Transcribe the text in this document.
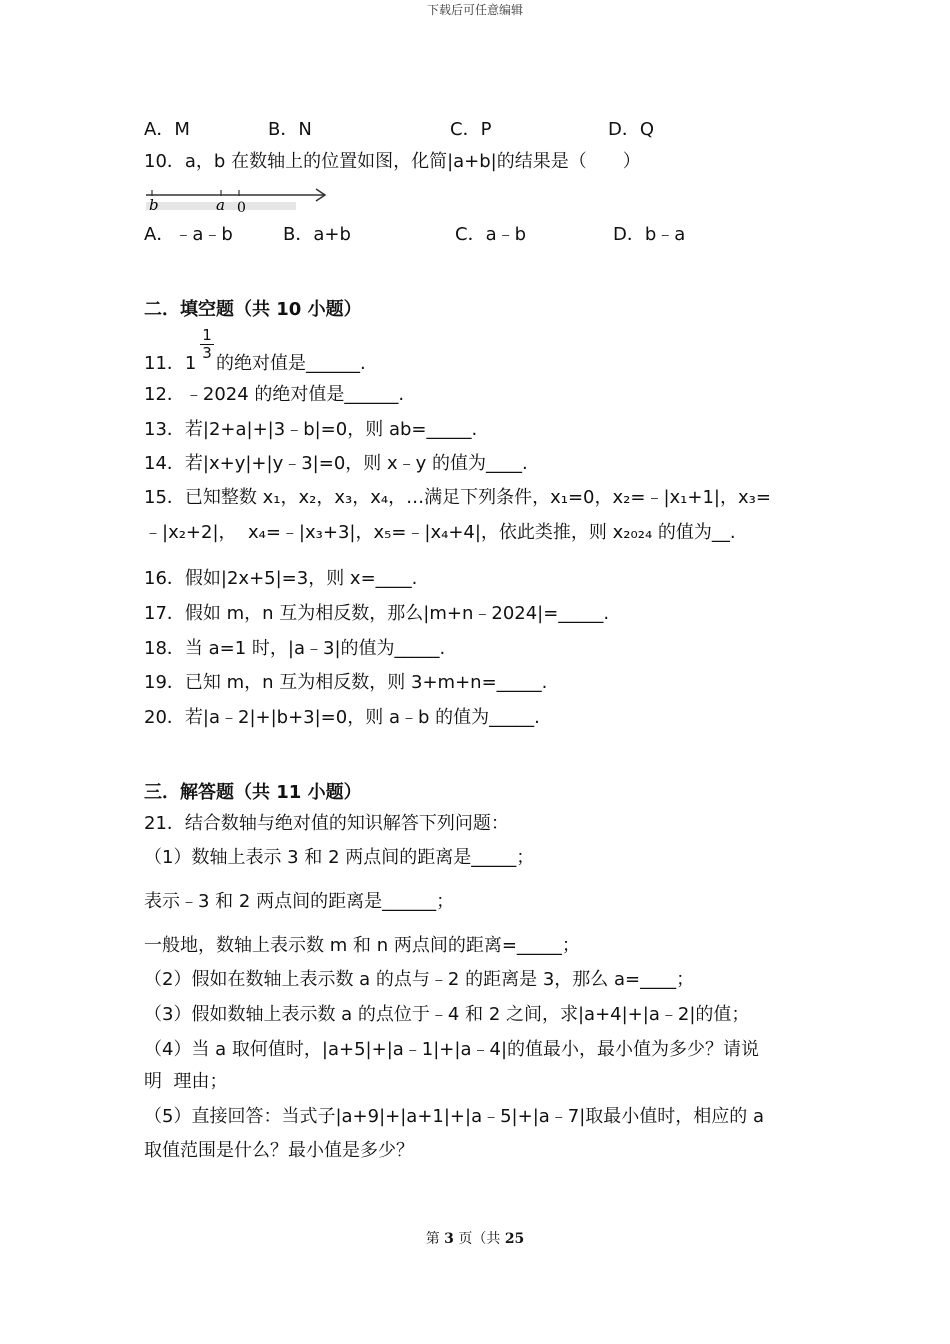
下载后可任意编辑
A．M	B．N	C．P	D．Q
10．a，b 在数轴上的位置如图，化简|a+b|的结果是（　　）
b	a 0
A．﹣a﹣b	B．a+b	C．a﹣b	D．b﹣a
二．填空题（共 10 小题）
11．1
1
3 的绝对值是______.
12．﹣2024 的绝对值是______.
13．若|2+a|+|3﹣b|=0，则 ab=_____.
14．若|x+y|+|y﹣3|=0，则 x﹣y 的值为____.
15．已知整数 x₁，x₂，x₃，x₄，…满足下列条件，x₁=0，x₂=﹣|x₁+1|，x₃=
﹣|x₂+2|，  x₄=﹣|x₃+3|，x₅=﹣|x₄+4|，依此类推，则 x₂₀₂₄ 的值为__.
16．假如|2x+5|=3，则 x=____.
17．假如 m，n 互为相反数，那么|m+n﹣2024|=_____.
18．当 a=1 时，|a﹣3|的值为_____.
19．已知 m，n 互为相反数，则 3+m+n=_____.
20．若|a﹣2|+|b+3|=0，则 a﹣b 的值为_____.
三．解答题（共 11 小题）
21．结合数轴与绝对值的知识解答下列问题：
（1）数轴上表示 3 和 2 两点间的距离是_____；
表示﹣3 和 2 两点间的距离是______；
一般地，数轴上表示数 m 和 n 两点间的距离=_____；
（2）假如在数轴上表示数 a 的点与﹣2 的距离是 3，那么 a=____；
（3）假如数轴上表示数 a 的点位于﹣4 和 2 之间，求|a+4|+|a﹣2|的值；
（4）当 a 取何值时，|a+5|+|a﹣1|+|a﹣4|的值最小，最小值为多少？请说
明  理由；
（5）直接回答：当式子|a+9|+|a+1|+|a﹣5|+|a﹣7|取最小值时，相应的 a
取值范围是什么？最小值是多少？
第 3 页（共 25
